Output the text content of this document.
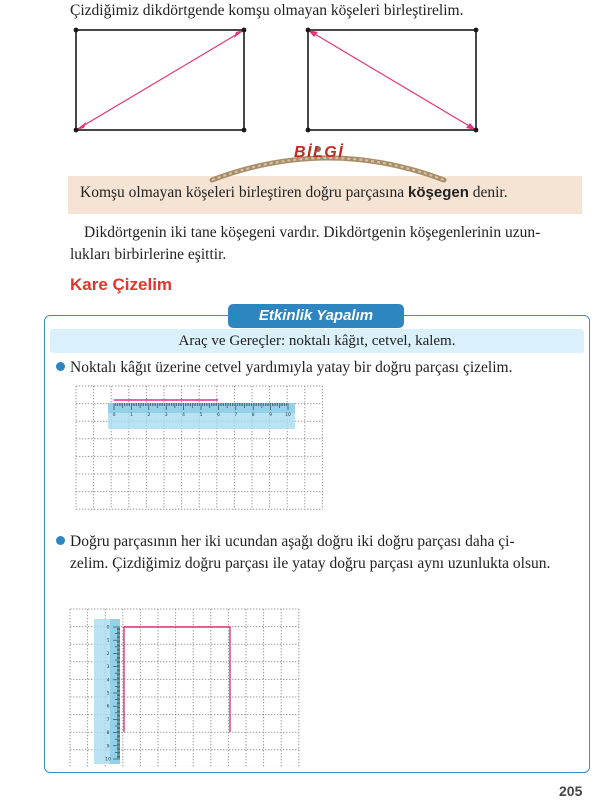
Çizdiğimiz dikdörtgende komşu olmayan köşeleri birleştirelim.
Komşu olmayan köşeleri birleştiren doğru parçasına köşegen denir.
BİLGİ
Dikdörtgenin iki tane köşegeni vardır. Dikdörtgenin köşegenlerinin uzun-
lukları birbirlerine eşittir.
Kare Çizelim
Etkinlik Yapalım
Araç ve Gereçler: noktalı kâğıt, cetvel, kalem.
Noktalı kâğıt üzerine cetvel yardımıyla yatay bir doğru parçası çizelim.
0	1	2	3	4	5	6	7	8	9	10
Doğru parçasının her iki ucundan aşağı doğru iki doğru parçası daha çi-
zelim. Çizdiğimiz doğru parçası ile yatay doğru parçası aynı uzunlukta olsun.
0
1
2
3
4
5
6
7
8
9
10
205
